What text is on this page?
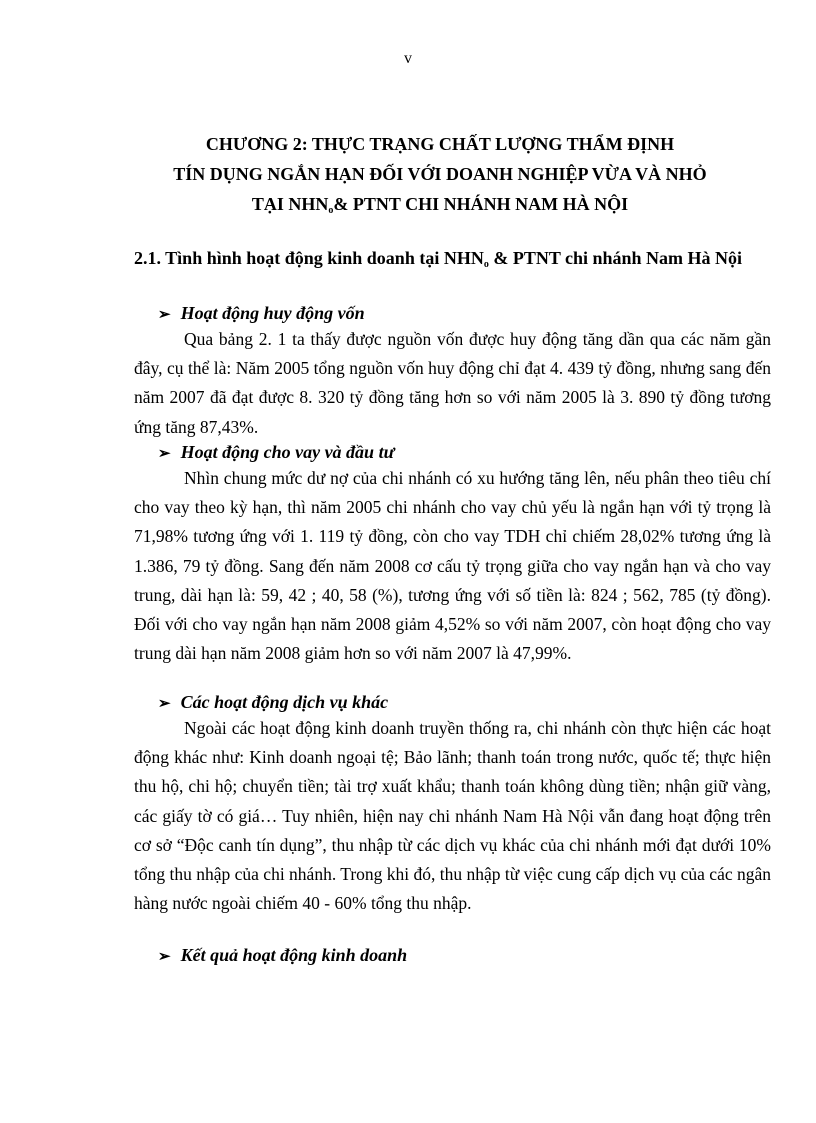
v
CHƯƠNG 2: THỰC TRẠNG CHẤT LƯỢNG THẨM ĐỊNH
TÍN DỤNG NGẮN HẠN ĐỐI VỚI DOANH NGHIỆP VỪA VÀ NHỎ
TẠI $NHN_o\&$ PTNT CHI NHÁNH NAM HÀ NỘI
2.1. Tình hình hoạt động kinh doanh tại $NHN_o$ & PTNT chi nhánh Nam Hà Nội
➢ Hoạt động huy động vốn
Qua bảng 2. 1 ta thấy được nguồn vốn được huy động tăng dần qua các năm gần đây, cụ thể là: Năm 2005 tổng nguồn vốn huy động chỉ đạt 4. 439 tỷ đồng, nhưng sang đến năm 2007 đã đạt được 8. 320 tỷ đồng tăng hơn so với năm 2005 là 3. 890 tỷ đồng tương ứng tăng 87,43%.
➢ Hoạt động cho vay và đầu tư
Nhìn chung mức dư nợ của chi nhánh có xu hướng tăng lên, nếu phân theo tiêu chí cho vay theo kỳ hạn, thì năm 2005 chi nhánh cho vay chủ yếu là ngắn hạn với tỷ trọng là 71,98% tương ứng với 1. 119 tỷ đồng, còn cho vay TDH chỉ chiếm 28,02% tương ứng là 1.386, 79 tỷ đồng. Sang đến năm 2008 cơ cấu tỷ trọng giữa cho vay ngắn hạn và cho vay trung, dài hạn là: 59, 42 ; 40, 58 (%), tương ứng với số tiền là: 824 ; 562, 785 (tỷ đồng). Đối với cho vay ngắn hạn năm 2008 giảm 4,52% so với năm 2007, còn hoạt động cho vay trung dài hạn năm 2008 giảm hơn so với năm 2007 là 47,99%.
➢ Các hoạt động dịch vụ khác
Ngoài các hoạt động kinh doanh truyền thống ra, chi nhánh còn thực hiện các hoạt động khác như: Kinh doanh ngoại tệ; Bảo lãnh; thanh toán trong nước, quốc tế; thực hiện thu hộ, chi hộ; chuyển tiền; tài trợ xuất khẩu; thanh toán không dùng tiền; nhận giữ vàng, các giấy tờ có giá… Tuy nhiên, hiện nay chi nhánh Nam Hà Nội vẫn đang hoạt động trên cơ sở “Độc canh tín dụng”, thu nhập từ các dịch vụ khác của chi nhánh mới đạt dưới 10% tổng thu nhập của chi nhánh. Trong khi đó, thu nhập từ việc cung cấp dịch vụ của các ngân hàng nước ngoài chiếm 40 - 60% tổng thu nhập.
➢ Kết quả hoạt động kinh doanh
